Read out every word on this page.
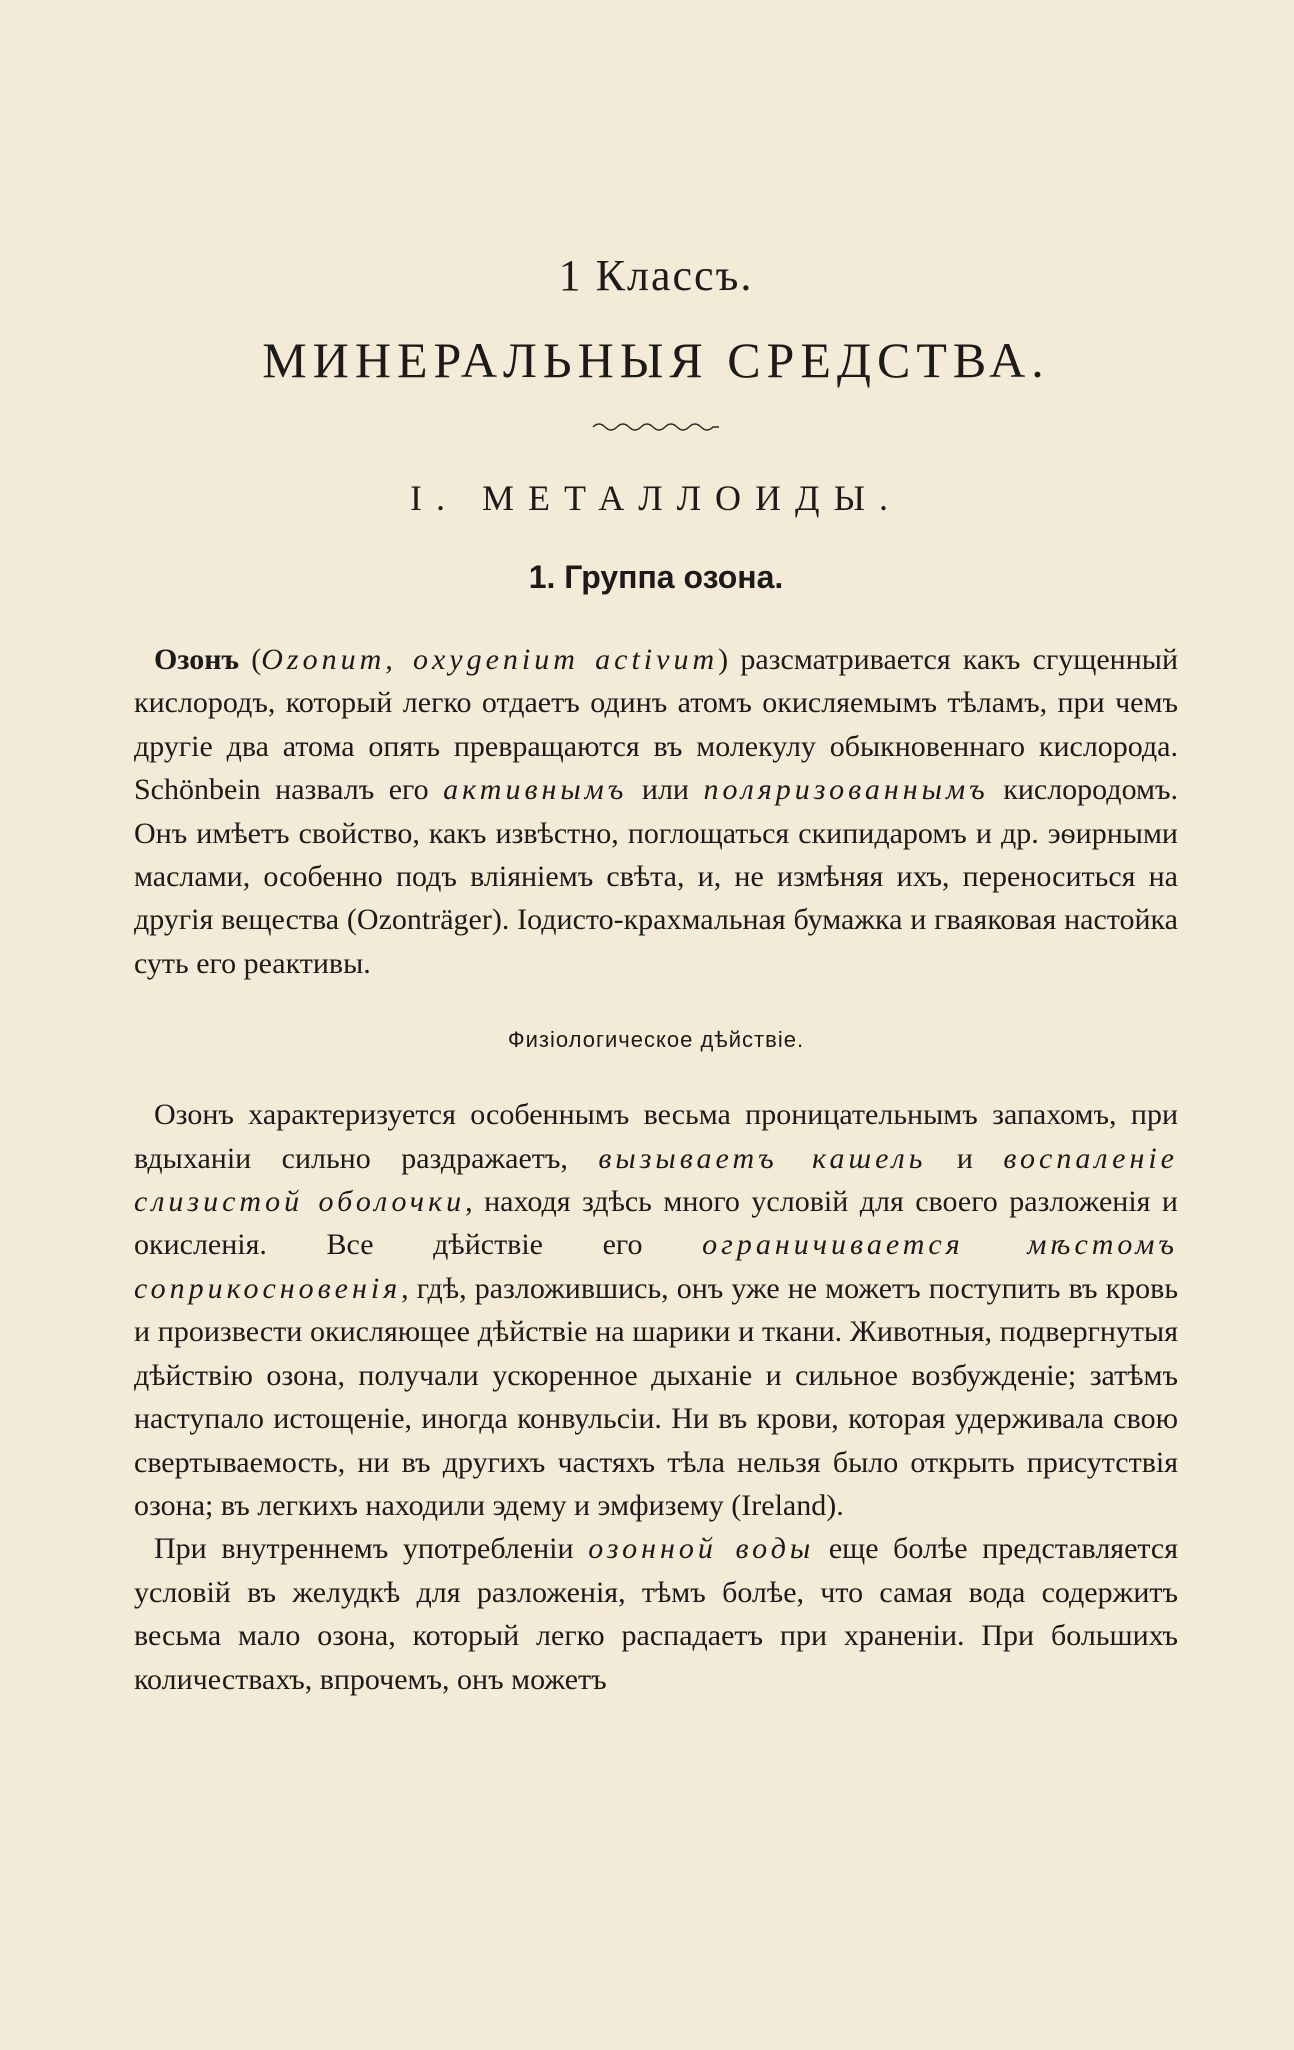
1 Классъ.
МИНЕРАЛЬНЫЯ СРЕДСТВА.
I. МЕТАЛЛОИДЫ.
1. Группа озона.

Озонъ (Ozonum, oxygenium activum) разсматривается какъ сгущенный кислородъ, который легко отдаетъ одинъ атомъ окисляемымъ тѣламъ, при чемъ другіе два атома опять превращаются въ молекулу обыкновеннаго кислорода. Schönbein назвалъ его активнымъ или поляризованнымъ кислородомъ. Онъ имѣетъ свойство, какъ извѣстно, поглощаться скипидаромъ и др. эѳирными маслами, особенно подъ вліяніемъ свѣта, и, не измѣняя ихъ, переноситься на другія вещества (Ozonträger). Іодисто-крахмальная бумажка и гваяковая настойка суть его реактивы.

Физіологическое дѣйствіе.

Озонъ характеризуется особеннымъ весьма проницательнымъ запахомъ, при вдыханіи сильно раздражаетъ, вызываетъ кашель и воспаленіе слизистой оболочки, находя здѣсь много условій для своего разложенія и окисленія. Все дѣйствіе его ограничивается мѣстомъ соприкосновенія, гдѣ, разложившись, онъ уже не можетъ поступить въ кровь и произвести окисляющее дѣйствіе на шарики и ткани. Животныя, подвергнутыя дѣйствію озона, получали ускоренное дыханіе и сильное возбужденіе; затѣмъ наступало истощеніе, иногда конвульсіи. Ни въ крови, которая удерживала свою свертываемость, ни въ другихъ частяхъ тѣла нельзя было открыть присутствія озона; въ легкихъ находили эдему и эмфизему (Ireland).

При внутреннемъ употребленіи озонной воды еще болѣе представляется условій въ желудкѣ для разложенія, тѣмъ болѣе, что самая вода содержитъ весьма мало озона, который легко распадаетъ при храненіи. При большихъ количествахъ, впрочемъ, онъ можетъ
